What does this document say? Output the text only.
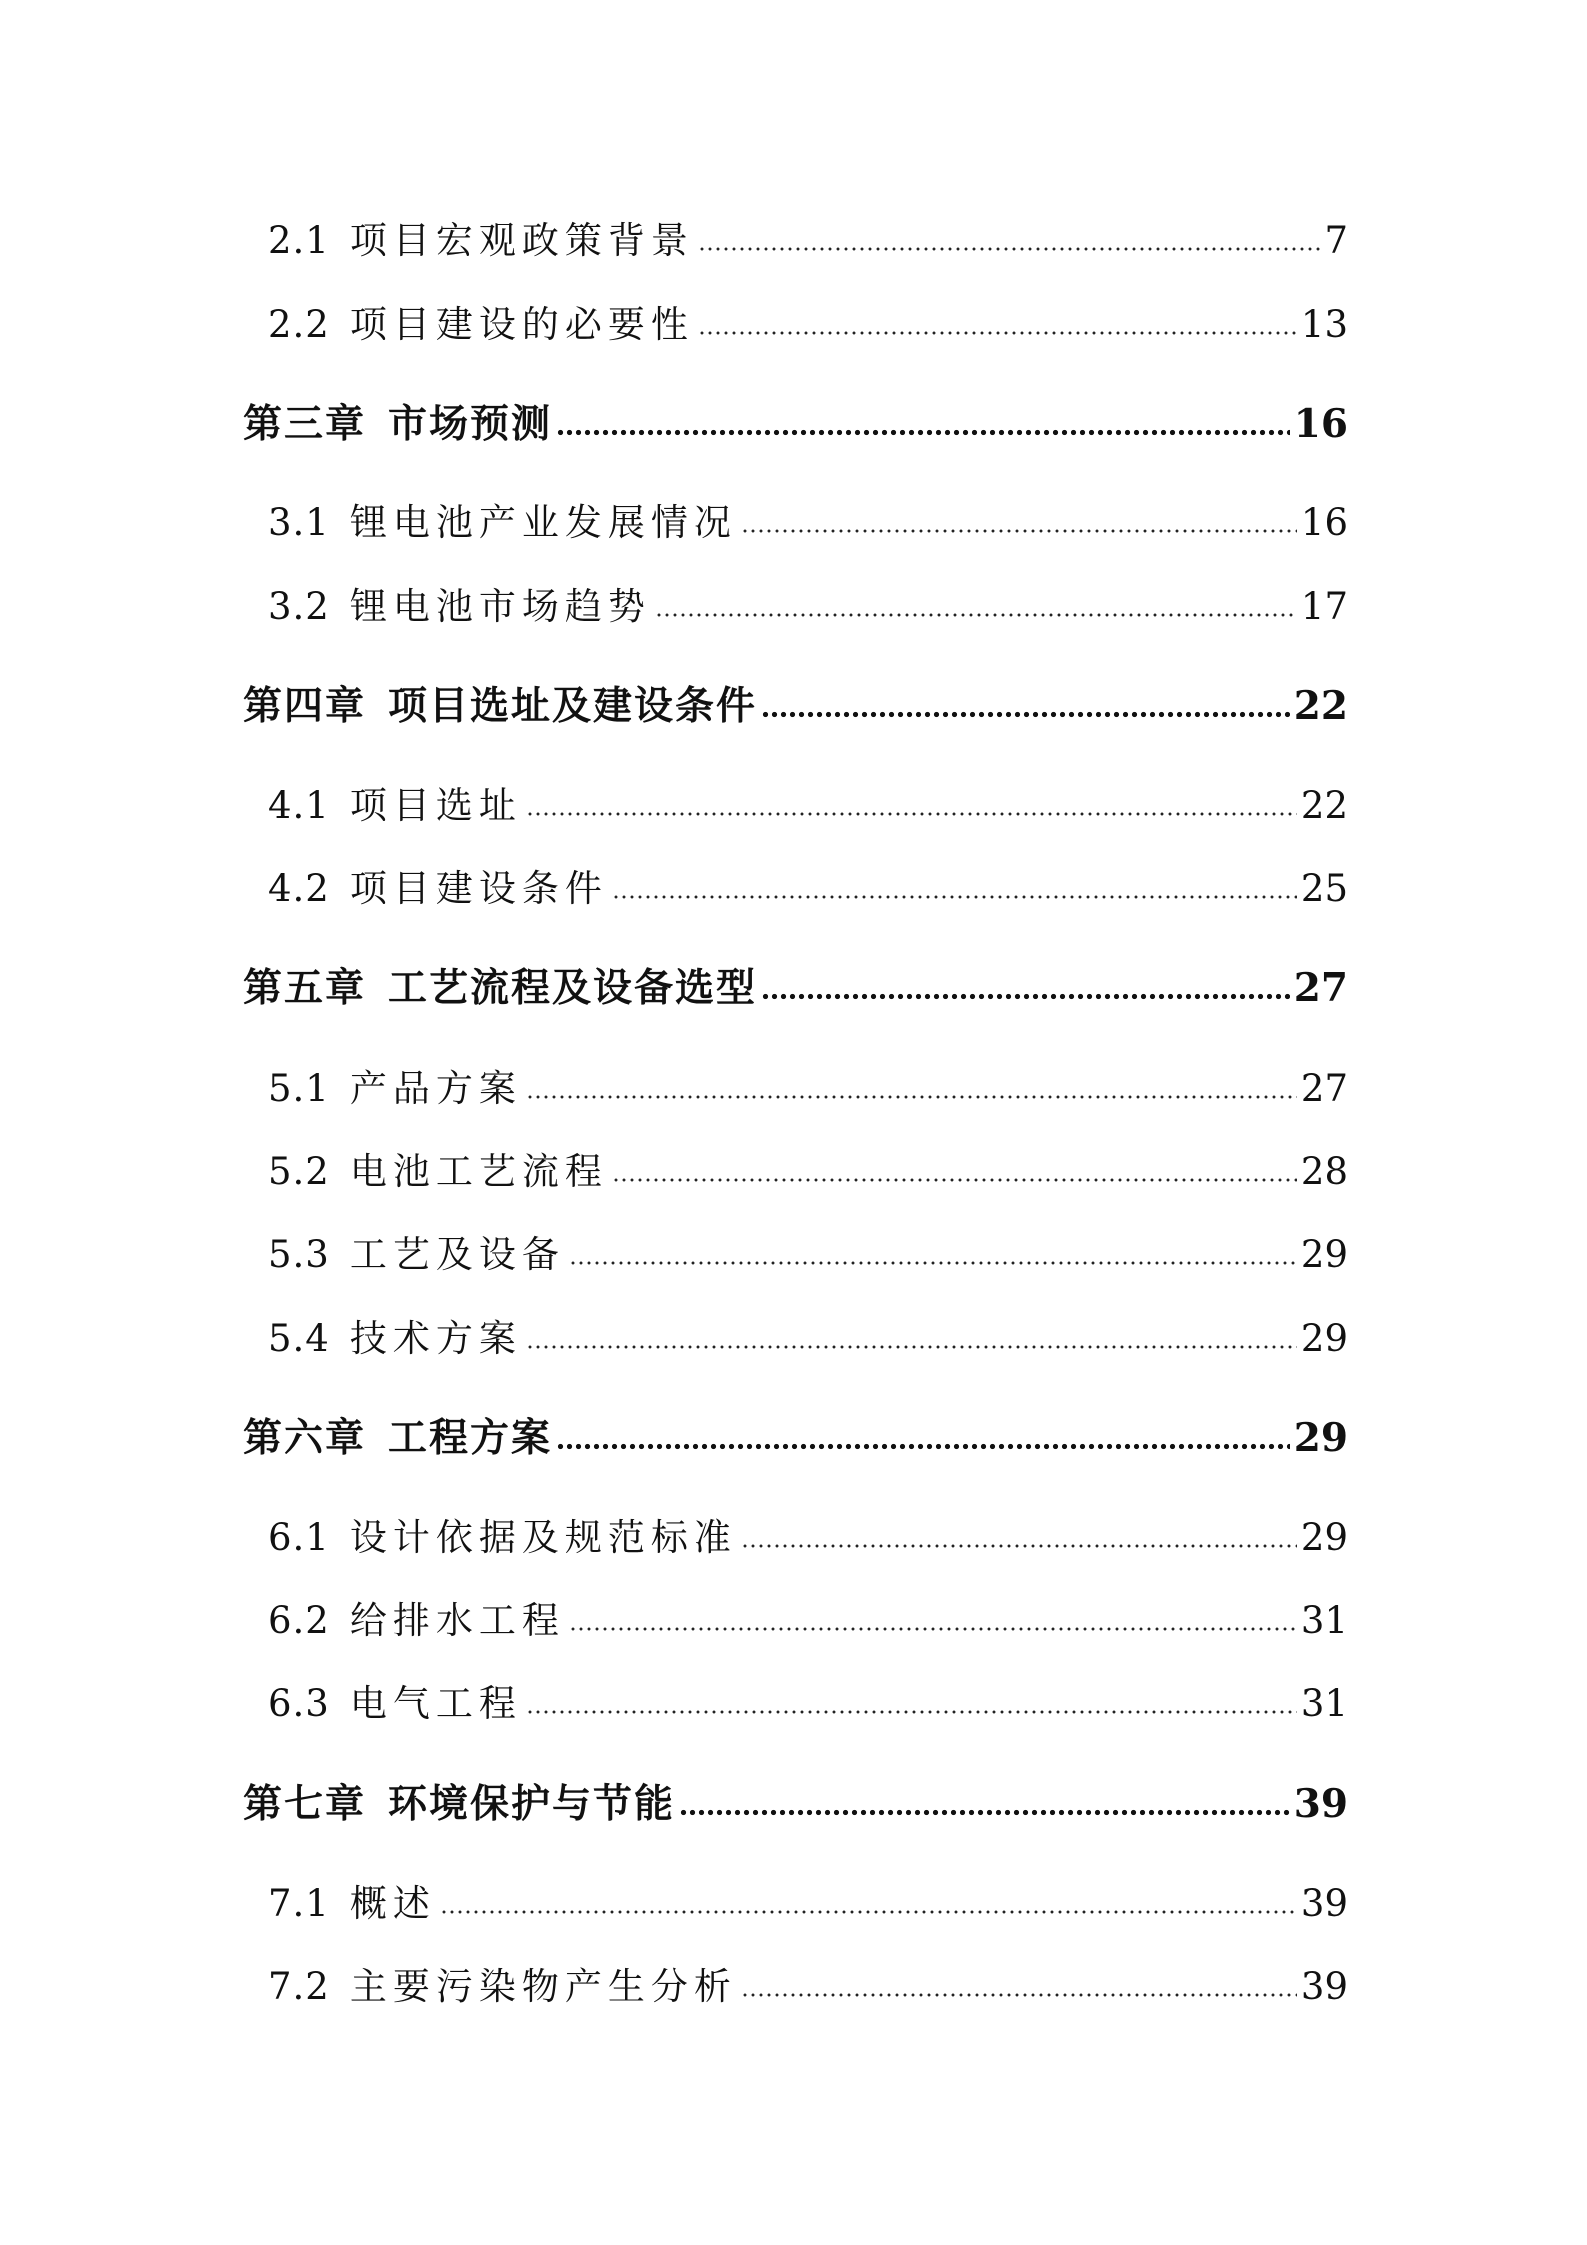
2.1 项目宏观政策背景	7
2.2 项目建设的必要性	13
第三章 市场预测	16
3.1 锂电池产业发展情况	16
3.2 锂电池市场趋势	17
第四章 项目选址及建设条件	22
4.1 项目选址	22
4.2 项目建设条件	25
第五章 工艺流程及设备选型	27
5.1 产品方案	27
5.2 电池工艺流程	28
5.3 工艺及设备	29
5.4 技术方案	29
第六章 工程方案	29
6.1 设计依据及规范标准	29
6.2 给排水工程	31
6.3 电气工程	31
第七章 环境保护与节能	39
7.1 概述	39
7.2 主要污染物产生分析	39
